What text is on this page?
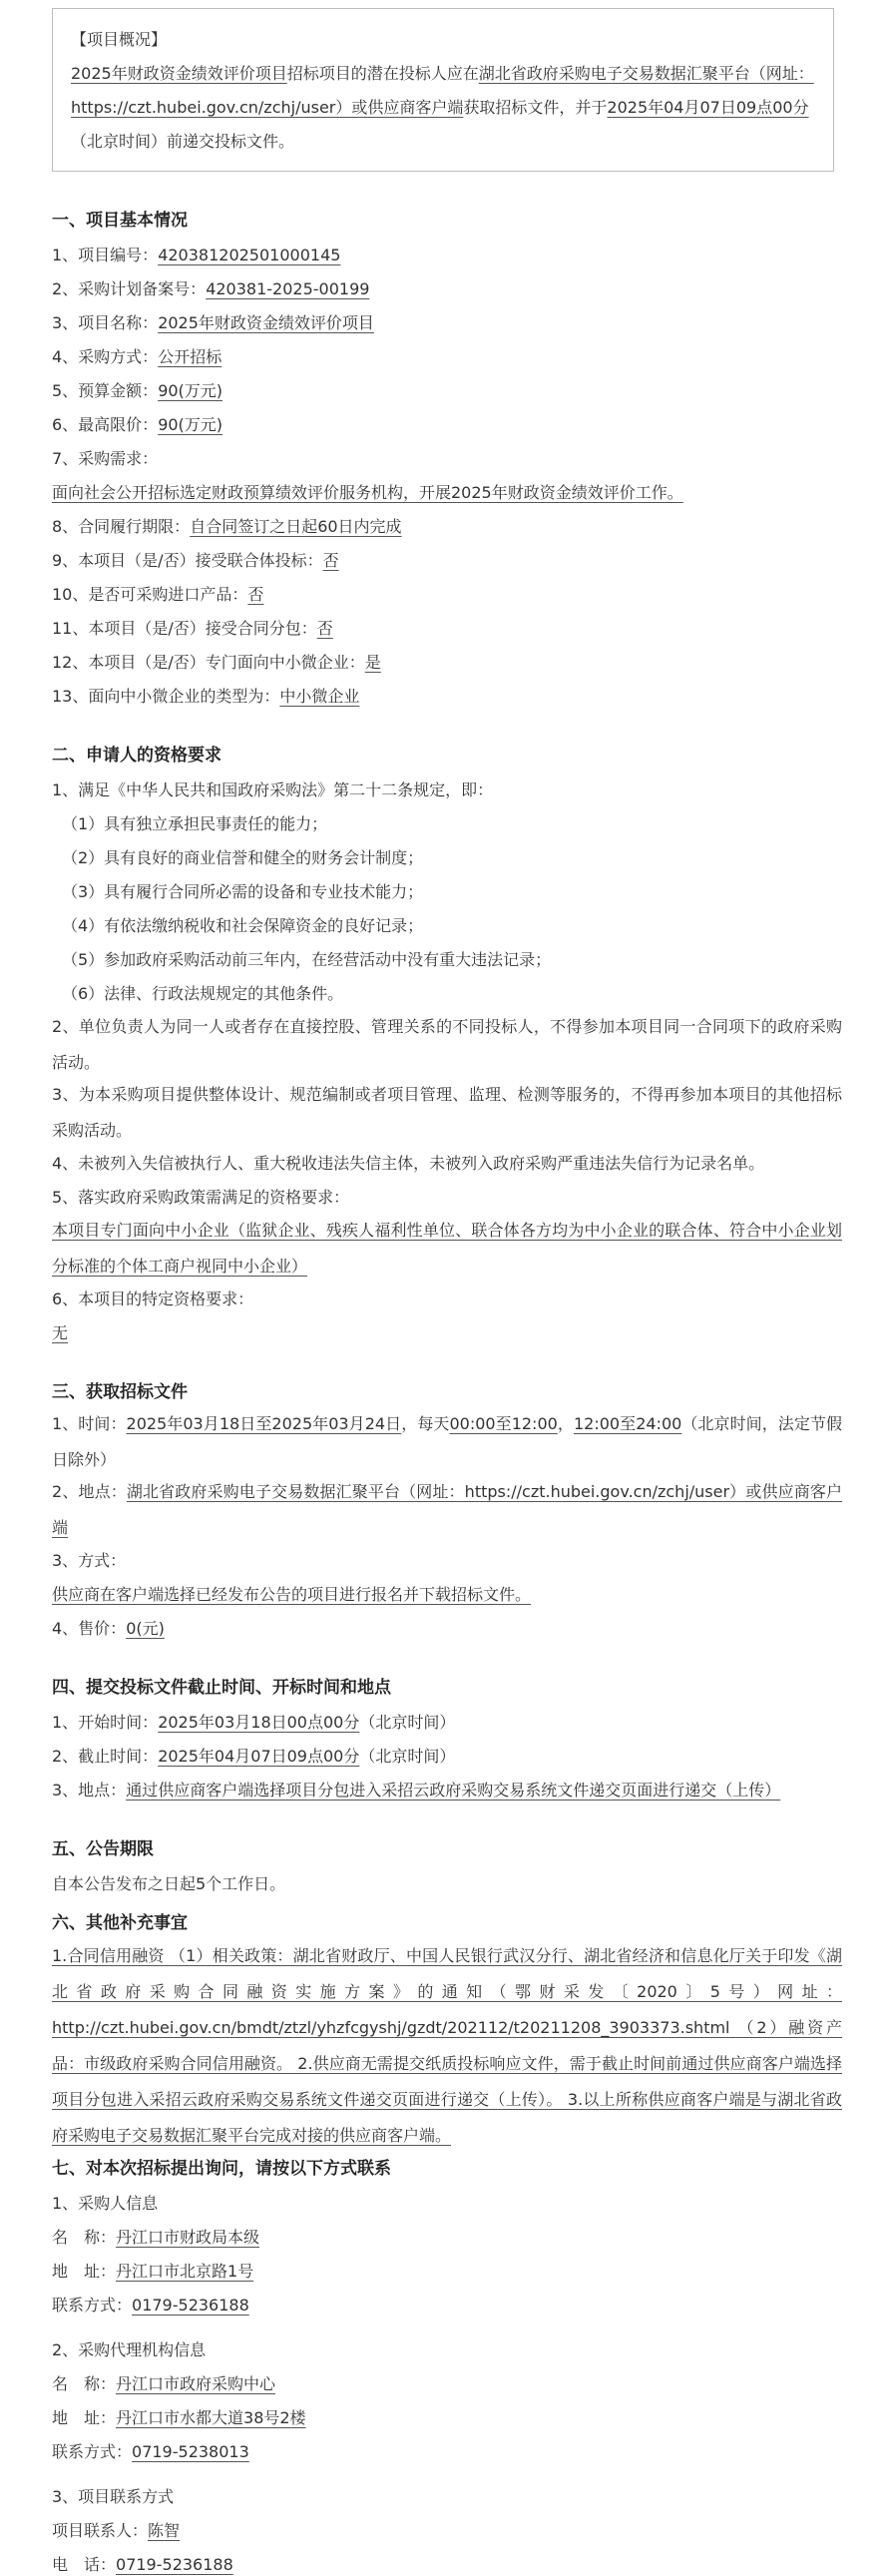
【项目概况】

2025年财政资金绩效评价项目招标项目的潜在投标人应在湖北省政府采购电子交易数据汇聚平台（网址：https://czt.hubei.gov.cn/zchj/user）或供应商客户端获取招标文件，并于2025年04月07日09点00分（北京时间）前递交投标文件。

一、项目基本情况
1、项目编号：420381202501000145
2、采购计划备案号：420381-2025-00199
3、项目名称：2025年财政资金绩效评价项目
4、采购方式：公开招标
5、预算金额：90(万元)
6、最高限价：90(万元)
7、采购需求：
面向社会公开招标选定财政预算绩效评价服务机构，开展2025年财政资金绩效评价工作。
8、合同履行期限：自合同签订之日起60日内完成
9、本项目（是/否）接受联合体投标：否
10、是否可采购进口产品：否
11、本项目（是/否）接受合同分包：否
12、本项目（是/否）专门面向中小微企业：是
13、面向中小微企业的类型为：中小微企业
二、申请人的资格要求
1、满足《中华人民共和国政府采购法》第二十二条规定，即：
（1）具有独立承担民事责任的能力；
（2）具有良好的商业信誉和健全的财务会计制度；
（3）具有履行合同所必需的设备和专业技术能力；
（4）有依法缴纳税收和社会保障资金的良好记录；
（5）参加政府采购活动前三年内，在经营活动中没有重大违法记录；
（6）法律、行政法规规定的其他条件。
2、单位负责人为同一人或者存在直接控股、管理关系的不同投标人，不得参加本项目同一合同项下的政府采购活动。
3、为本采购项目提供整体设计、规范编制或者项目管理、监理、检测等服务的，不得再参加本项目的其他招标采购活动。
4、未被列入失信被执行人、重大税收违法失信主体，未被列入政府采购严重违法失信行为记录名单。
5、落实政府采购政策需满足的资格要求：
本项目专门面向中小企业（监狱企业、残疾人福利性单位、联合体各方均为中小企业的联合体、符合中小企业划分标准的个体工商户视同中小企业）
6、本项目的特定资格要求：
无
三、获取招标文件
1、时间：2025年03月18日至2025年03月24日，每天00:00至12:00，12:00至24:00（北京时间，法定节假日除外）
2、地点：湖北省政府采购电子交易数据汇聚平台（网址：https://czt.hubei.gov.cn/zchj/user）或供应商客户端
3、方式：
供应商在客户端选择已经发布公告的项目进行报名并下载招标文件。
4、售价：0(元)
四、提交投标文件截止时间、开标时间和地点
1、开始时间：2025年03月18日00点00分（北京时间）
2、截止时间：2025年04月07日09点00分（北京时间）
3、地点：通过供应商客户端选择项目分包进入采招云政府采购交易系统文件递交页面进行递交（上传）
五、公告期限
自本公告发布之日起5个工作日。
六、其他补充事宜
1.合同信用融资 （1）相关政策：湖北省财政厅、中国人民银行武汉分行、湖北省经济和信息化厅关于印发《湖北省政府采购合同融资实施方案》的通知（鄂财采发〔2020〕5号）网址：http://czt.hubei.gov.cn/bmdt/ztzl/yhzfcgyshj/gzdt/202112/t20211208_3903373.shtml （2）融资产品：市级政府采购合同信用融资。 2.供应商无需提交纸质投标响应文件，需于截止时间前通过供应商客户端选择项目分包进入采招云政府采购交易系统文件递交页面进行递交（上传）。 3.以上所称供应商客户端是与湖北省政府采购电子交易数据汇聚平台完成对接的供应商客户端。
七、对本次招标提出询问，请按以下方式联系
1、采购人信息
名　称：丹江口市财政局本级
地　址：丹江口市北京路1号
联系方式：0179-5236188
2、采购代理机构信息
名　称：丹江口市政府采购中心
地　址：丹江口市水都大道38号2楼
联系方式：0719-5238013
3、项目联系方式
项目联系人：陈智
电　话：0719-5236188
